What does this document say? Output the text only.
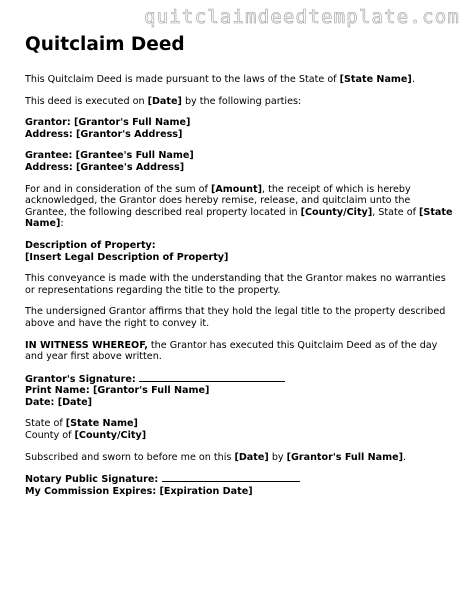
quitclaimdeedtemplate.com
Quitclaim Deed

This Quitclaim Deed is made pursuant to the laws of the State of [State Name].

This deed is executed on [Date] by the following parties:

Grantor: [Grantor's Full Name]
Address: [Grantor's Address]

Grantee: [Grantee's Full Name]
Address: [Grantee's Address]

For and in consideration of the sum of [Amount], the receipt of which is hereby acknowledged, the Grantor does hereby remise, release, and quitclaim unto the Grantee, the following described real property located in [County/City], State of [State Name]:

Description of Property:
[Insert Legal Description of Property]

This conveyance is made with the understanding that the Grantor makes no warranties or representations regarding the title to the property.

The undersigned Grantor affirms that they hold the legal title to the property described above and have the right to convey it.

IN WITNESS WHEREOF, the Grantor has executed this Quitclaim Deed as of the day and year first above written.

Grantor's Signature:
Print Name: [Grantor's Full Name]
Date: [Date]

State of [State Name]
County of [County/City]

Subscribed and sworn to before me on this [Date] by [Grantor's Full Name].

Notary Public Signature:
My Commission Expires: [Expiration Date]
